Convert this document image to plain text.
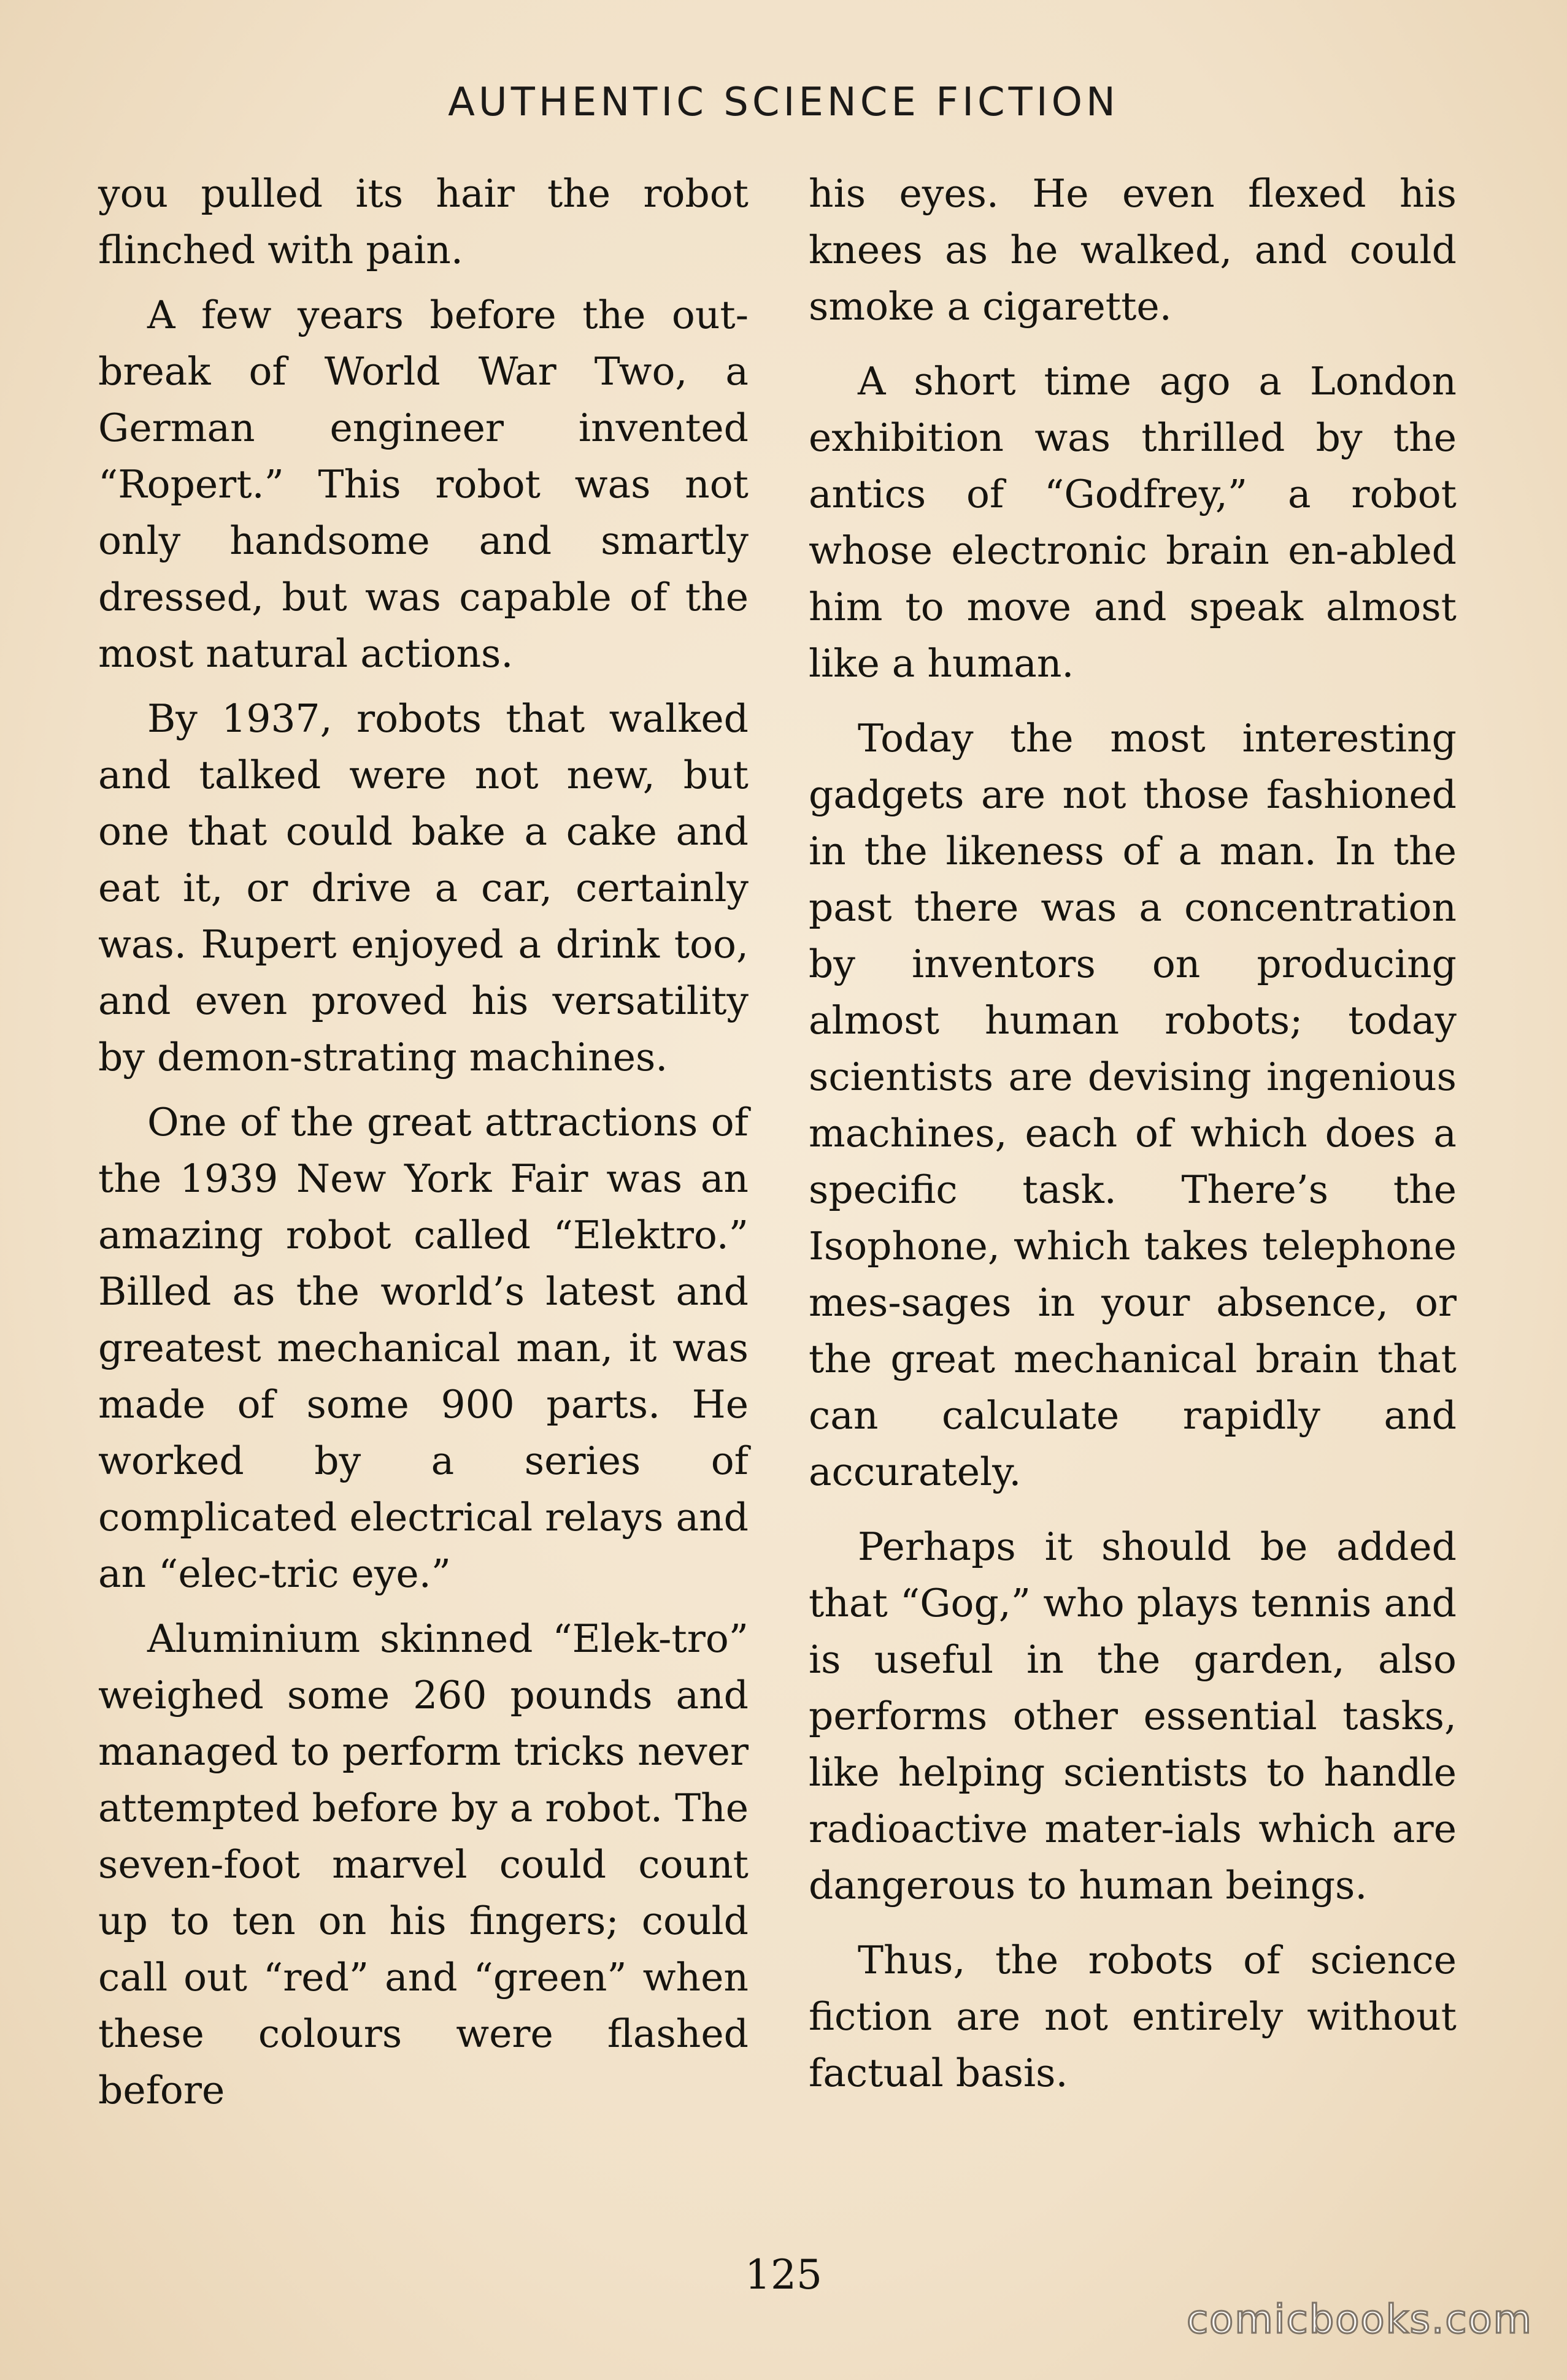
AUTHENTIC SCIENCE FICTION

you pulled its hair the robot flinched with pain.

A few years before the out-break of World War Two, a German engineer invented “Ropert.” This robot was not only handsome and smartly dressed, but was capable of the most natural actions.

By 1937, robots that walked and talked were not new, but one that could bake a cake and eat it, or drive a car, certainly was. Rupert enjoyed a drink too, and even proved his versatility by demon-strating machines.

One of the great attractions of the 1939 New York Fair was an amazing robot called “Elektro.” Billed as the world’s latest and greatest mechanical man, it was made of some 900 parts. He worked by a series of complicated electrical relays and an “elec-tric eye.”

Aluminium skinned “Elek-tro” weighed some 260 pounds and managed to perform tricks never attempted before by a robot. The seven-foot marvel could count up to ten on his fingers; could call out “red” and “green” when these colours were flashed before

his eyes. He even flexed his knees as he walked, and could smoke a cigarette.

A short time ago a London exhibition was thrilled by the antics of “Godfrey,” a robot whose electronic brain en-abled him to move and speak almost like a human.

Today the most interesting gadgets are not those fashioned in the likeness of a man. In the past there was a concentration by inventors on producing almost human robots; today scientists are devising ingenious machines, each of which does a specific task. There’s the Isophone, which takes telephone mes-sages in your absence, or the great mechanical brain that can calculate rapidly and accurately.

Perhaps it should be added that “Gog,” who plays tennis and is useful in the garden, also performs other essential tasks, like helping scientists to handle radioactive mater-ials which are dangerous to human beings.

Thus, the robots of science fiction are not entirely without factual basis.

125
comicbooks.com
